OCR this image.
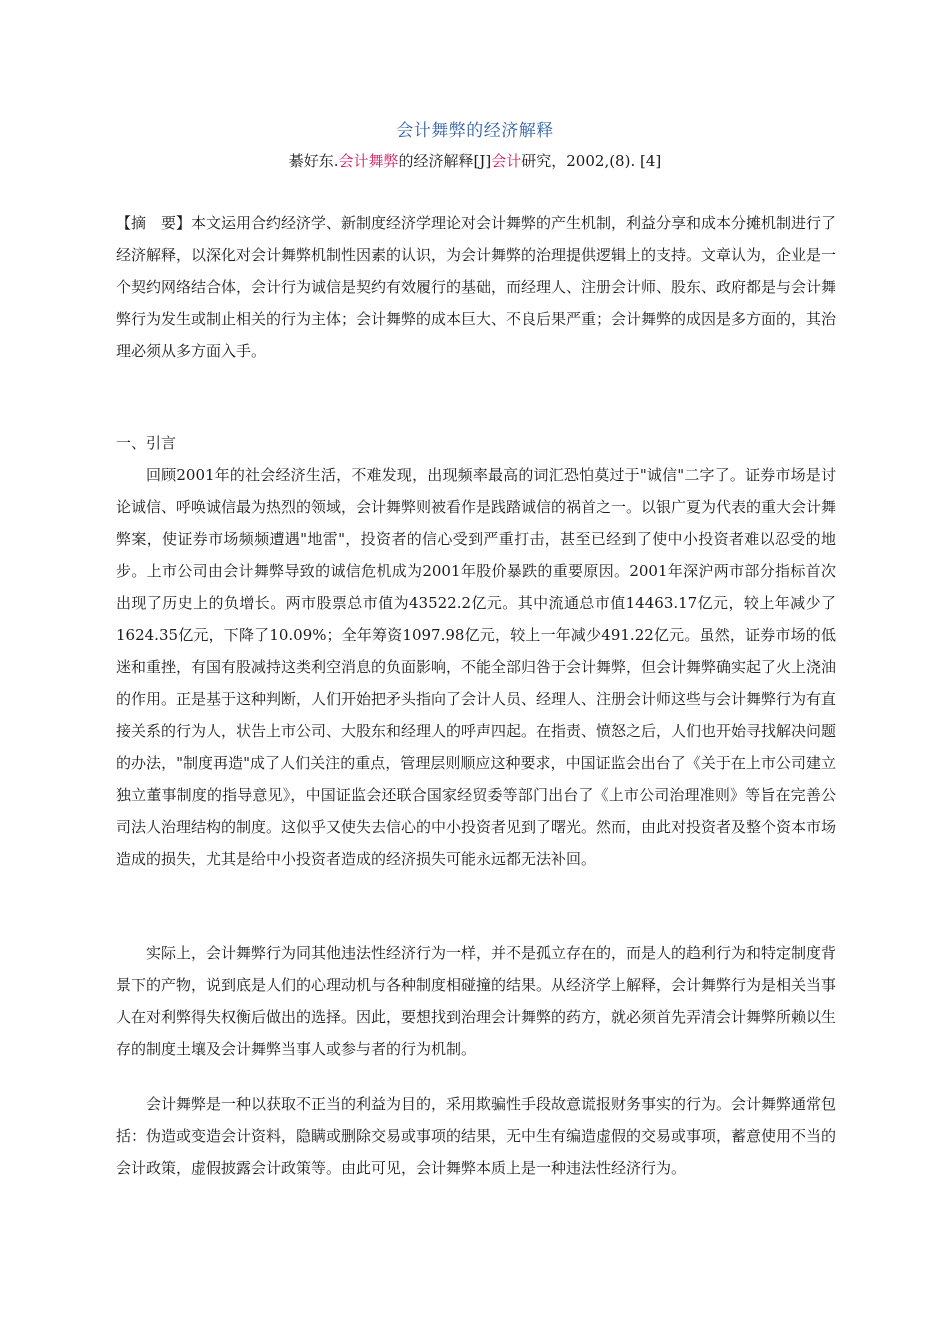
会计舞弊的经济解释
綦好东.会计舞弊的经济解释[J]会计研究，2002,(8). [4]
【摘　要】本文运用合约经济学、新制度经济学理论对会计舞弊的产生机制，利益分享和成本分摊机制进行了经济解释，以深化对会计舞弊机制性因素的认识，为会计舞弊的治理提供逻辑上的支持。文章认为，企业是一个契约网络结合体，会计行为诚信是契约有效履行的基础，而经理人、注册会计师、股东、政府都是与会计舞弊行为发生或制止相关的行为主体；会计舞弊的成本巨大、不良后果严重；会计舞弊的成因是多方面的，其治理必须从多方面入手。
一、引言
回顾2001年的社会经济生活，不难发现，出现频率最高的词汇恐怕莫过于"诚信"二字了。证券市场是讨论诚信、呼唤诚信最为热烈的领域，会计舞弊则被看作是践踏诚信的祸首之一。以银广夏为代表的重大会计舞弊案，使证券市场频频遭遇"地雷"，投资者的信心受到严重打击，甚至已经到了使中小投资者难以忍受的地步。上市公司由会计舞弊导致的诚信危机成为2001年股价暴跌的重要原因。2001年深沪两市部分指标首次出现了历史上的负增长。两市股票总市值为43522.2亿元。其中流通总市值14463.17亿元，较上年减少了1624.35亿元，下降了10.09%；全年筹资1097.98亿元，较上一年减少491.22亿元。虽然，证券市场的低迷和重挫，有国有股减持这类利空消息的负面影响，不能全部归咎于会计舞弊，但会计舞弊确实起了火上浇油的作用。正是基于这种判断，人们开始把矛头指向了会计人员、经理人、注册会计师这些与会计舞弊行为有直接关系的行为人，状告上市公司、大股东和经理人的呼声四起。在指责、愤怒之后，人们也开始寻找解决问题的办法，"制度再造"成了人们关注的重点，管理层则顺应这种要求，中国证监会出台了《关于在上市公司建立独立董事制度的指导意见》，中国证监会还联合国家经贸委等部门出台了《上市公司治理准则》等旨在完善公司法人治理结构的制度。这似乎又使失去信心的中小投资者见到了曙光。然而，由此对投资者及整个资本市场造成的损失，尤其是给中小投资者造成的经济损失可能永远都无法补回。
实际上，会计舞弊行为同其他违法性经济行为一样，并不是孤立存在的，而是人的趋利行为和特定制度背景下的产物，说到底是人们的心理动机与各种制度相碰撞的结果。从经济学上解释，会计舞弊行为是相关当事人在对利弊得失权衡后做出的选择。因此，要想找到治理会计舞弊的药方，就必须首先弄清会计舞弊所赖以生存的制度土壤及会计舞弊当事人或参与者的行为机制。
会计舞弊是一种以获取不正当的利益为目的，采用欺骗性手段故意谎报财务事实的行为。会计舞弊通常包括：伪造或变造会计资料，隐瞒或删除交易或事项的结果，无中生有编造虚假的交易或事项，蓄意使用不当的会计政策，虚假披露会计政策等。由此可见，会计舞弊本质上是一种违法性经济行为。
